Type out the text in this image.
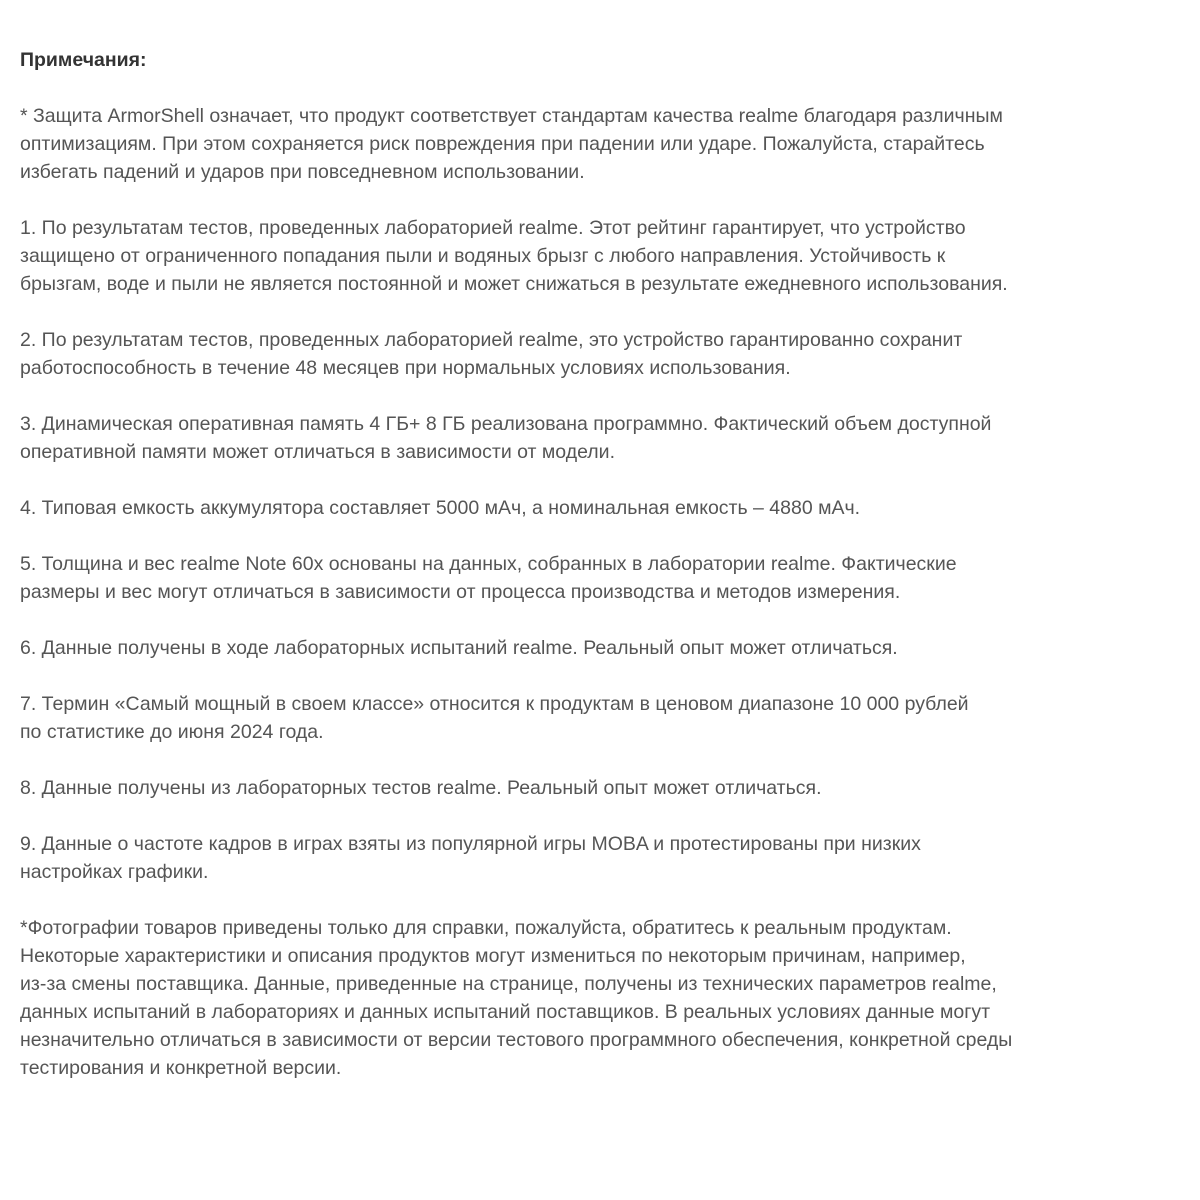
Примечания:

* Защита ArmorShell означает, что продукт соответствует стандартам качества realme благодаря различным
оптимизациям. При этом сохраняется риск повреждения при падении или ударе. Пожалуйста, старайтесь
избегать падений и ударов при повседневном использовании.

1. По результатам тестов, проведенных лабораторией realme. Этот рейтинг гарантирует, что устройство
защищено от ограниченного попадания пыли и водяных брызг с любого направления. Устойчивость к
брызгам, воде и пыли не является постоянной и может снижаться в результате ежедневного использования.

2. По результатам тестов, проведенных лабораторией realme, это устройство гарантированно сохранит
работоспособность в течение 48 месяцев при нормальных условиях использования.

3. Динамическая оперативная память 4 ГБ+ 8 ГБ реализована программно. Фактический объем доступной
оперативной памяти может отличаться в зависимости от модели.

4. Типовая емкость аккумулятора составляет 5000 мАч, а номинальная емкость – 4880 мАч.

5. Толщина и вес realme Note 60x основаны на данных, собранных в лаборатории realme. Фактические
размеры и вес могут отличаться в зависимости от процесса производства и методов измерения.

6. Данные получены в ходе лабораторных испытаний realme. Реальный опыт может отличаться.

7. Термин «Самый мощный в своем классе» относится к продуктам в ценовом диапазоне 10 000 рублей
по статистике до июня 2024 года.

8. Данные получены из лабораторных тестов realme. Реальный опыт может отличаться.

9. Данные о частоте кадров в играх взяты из популярной игры MOBA и протестированы при низких
настройках графики.

*Фотографии товаров приведены только для справки, пожалуйста, обратитесь к реальным продуктам.
Некоторые характеристики и описания продуктов могут измениться по некоторым причинам, например,
из-за смены поставщика. Данные, приведенные на странице, получены из технических параметров realme,
данных испытаний в лабораториях и данных испытаний поставщиков. В реальных условиях данные могут
незначительно отличаться в зависимости от версии тестового программного обеспечения, конкретной среды
тестирования и конкретной версии.
